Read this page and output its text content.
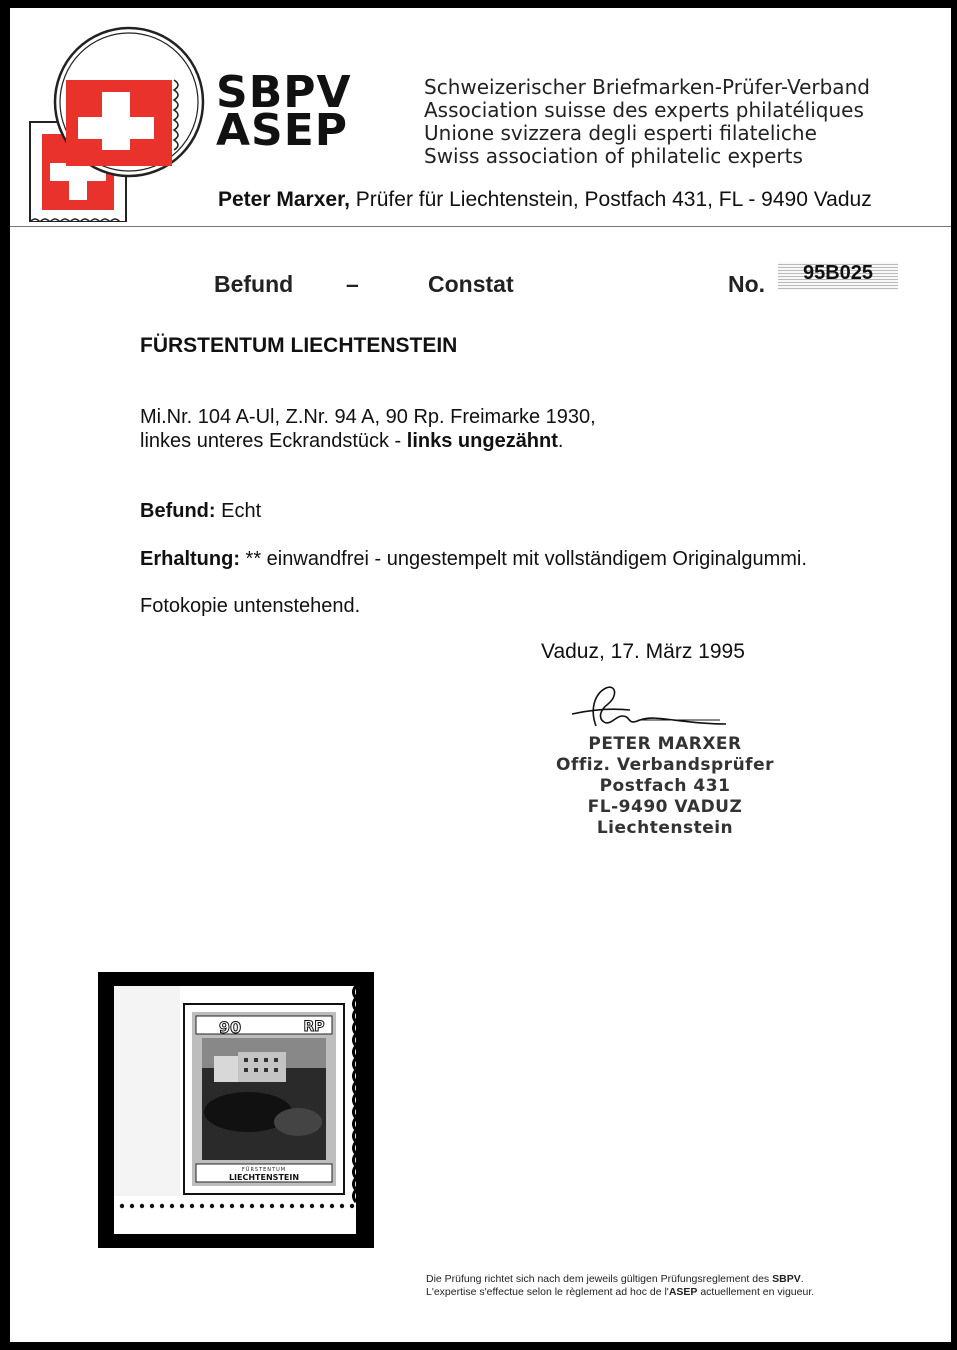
SBPV
ASEP
Schweizerischer Briefmarken-Prüfer-Verband
Association suisse des experts philatéliques
Unione svizzera degli esperti filateliche
Swiss association of philatelic experts
Peter Marxer, Prüfer für Liechtenstein, Postfach 431, FL - 9490 Vaduz
Befund –	Constat	No.	95B025
FÜRSTENTUM LIECHTENSTEIN
Mi.Nr. 104 A-Ul, Z.Nr. 94 A, 90 Rp. Freimarke 1930,
linkes unteres Eckrandstück - links ungezähnt.
Befund: Echt
Erhaltung: ** einwandfrei - ungestempelt mit vollständigem Originalgummi.
Fotokopie untenstehend.
Vaduz, 17. März 1995
PETER MARXER
Offiz. Verbandsprüfer
Postfach 431
FL-9490 VADUZ
Liechtenstein
90	RP
FÜRSTENTUM
LIECHTENSTEIN
Die Prüfung richtet sich nach dem jeweils gültigen Prüfungsreglement des SBPV.
L'expertise s'effectue selon le règlement ad hoc de l'ASEP actuellement en vigueur.
